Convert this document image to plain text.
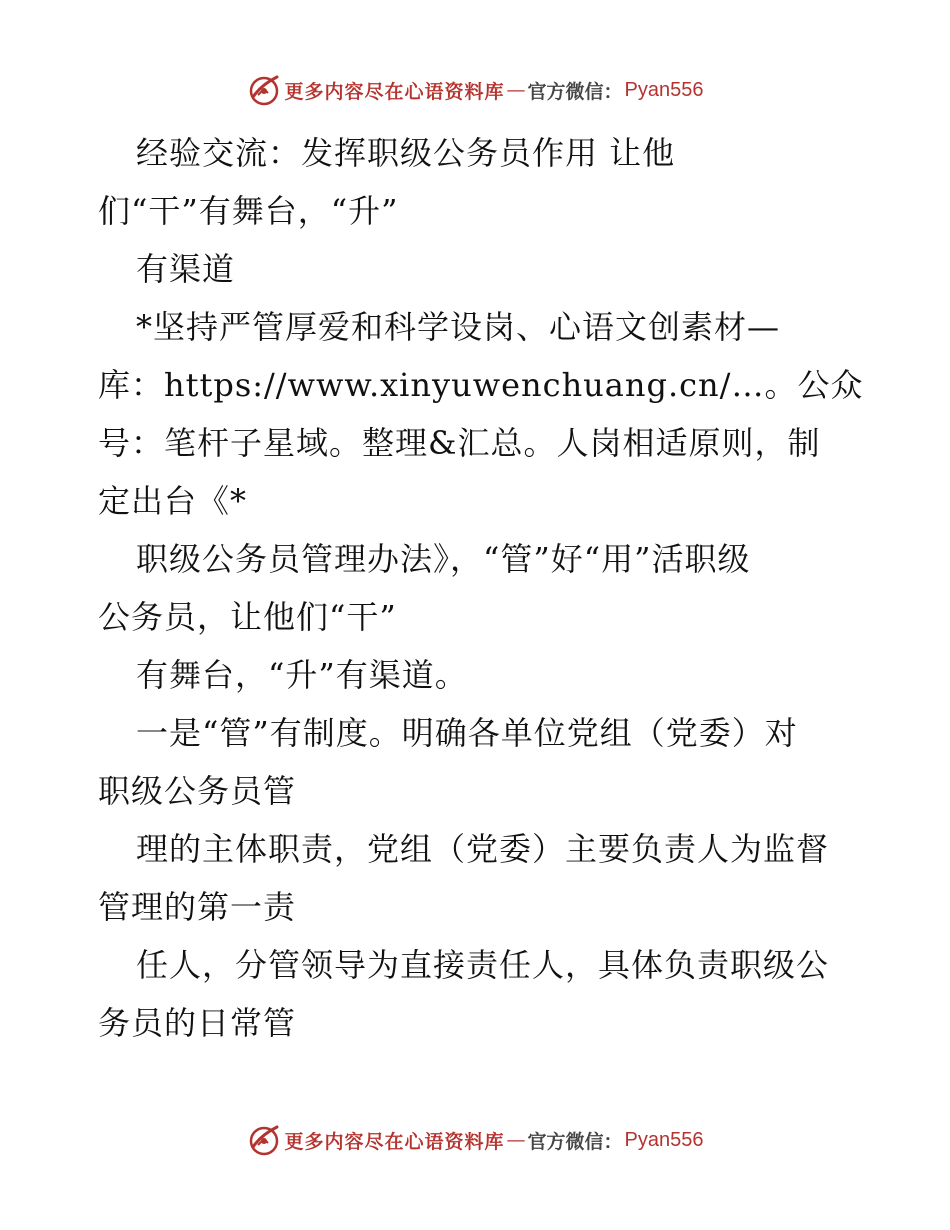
更多内容尽在心语资料库 — 官方微信： Pyan556
经验交流：发挥职级公务员作用 让他
们“干”有舞台，“升”
有渠道
*坚持严管厚爱和科学设岗、心语文创素材—
库：https://www.xinyuwenchuang.cn/…。公众
号：笔杆子星域。整理&汇总。人岗相适原则，制
定出台《*
职级公务员管理办法》，“管”好“用”活职级
公务员，让他们“干”
有舞台，“升”有渠道。
一是“管”有制度。明确各单位党组（党委）对
职级公务员管
理的主体职责，党组（党委）主要负责人为监督
管理的第一责
任人，分管领导为直接责任人，具体负责职级公
务员的日常管
更多内容尽在心语资料库 — 官方微信： Pyan556
